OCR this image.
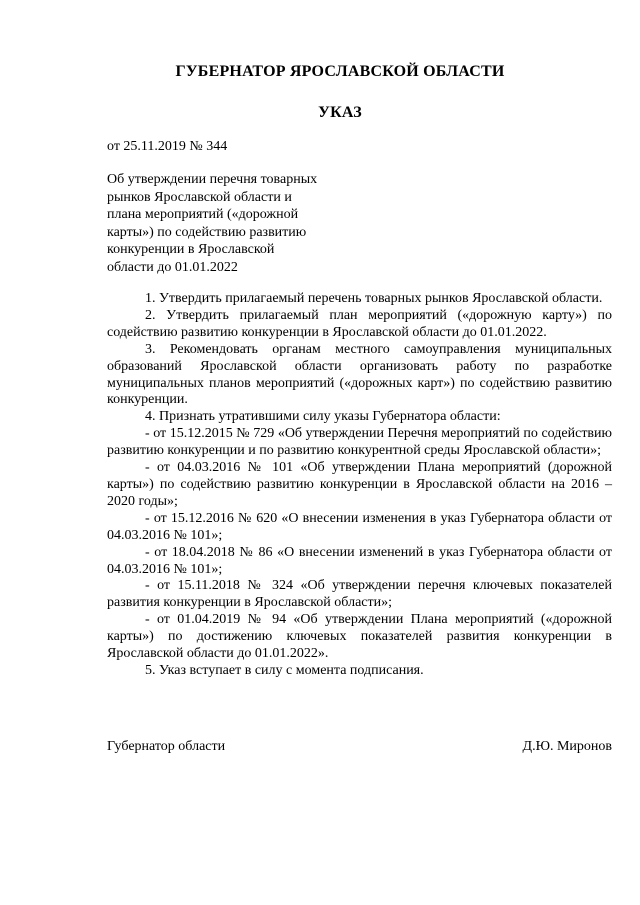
ГУБЕРНАТОР ЯРОСЛАВСКОЙ ОБЛАСТИ
УКАЗ
от 25.11.2019 № 344
Об утверждении перечня товарных
рынков Ярославской области и
плана мероприятий («дорожной
карты») по содействию развитию
конкуренции в Ярославской
области до 01.01.2022

1. Утвердить прилагаемый перечень товарных рынков Ярославской области.

2. Утвердить прилагаемый план мероприятий («дорожную карту») по содействию развитию конкуренции в Ярославской области до 01.01.2022.

3. Рекомендовать органам местного самоуправления муниципальных образований Ярославской области организовать работу по разработке муниципальных планов мероприятий («дорожных карт») по содействию развитию конкуренции.

4. Признать утратившими силу указы Губернатора области:

- от 15.12.2015 № 729 «Об утверждении Перечня мероприятий по содействию развитию конкуренции и по развитию конкурентной среды Ярославской области»;

- от 04.03.2016 № 101 «Об утверждении Плана мероприятий (дорожной карты») по содействию развитию конкуренции в Ярославской области на 2016 – 2020 годы»;

- от 15.12.2016 № 620 «О внесении изменения в указ Губернатора области от 04.03.2016 № 101»;

- от 18.04.2018 № 86 «О внесении изменений в указ Губернатора области от 04.03.2016 № 101»;

- от 15.11.2018 № 324 «Об утверждении перечня ключевых показателей развития конкуренции в Ярославской области»;

- от 01.04.2019 № 94 «Об утверждении Плана мероприятий («дорожной карты») по достижению ключевых показателей развития конкуренции в Ярославской области до 01.01.2022».

5. Указ вступает в силу с момента подписания.

Губернатор области	Д.Ю. Миронов
